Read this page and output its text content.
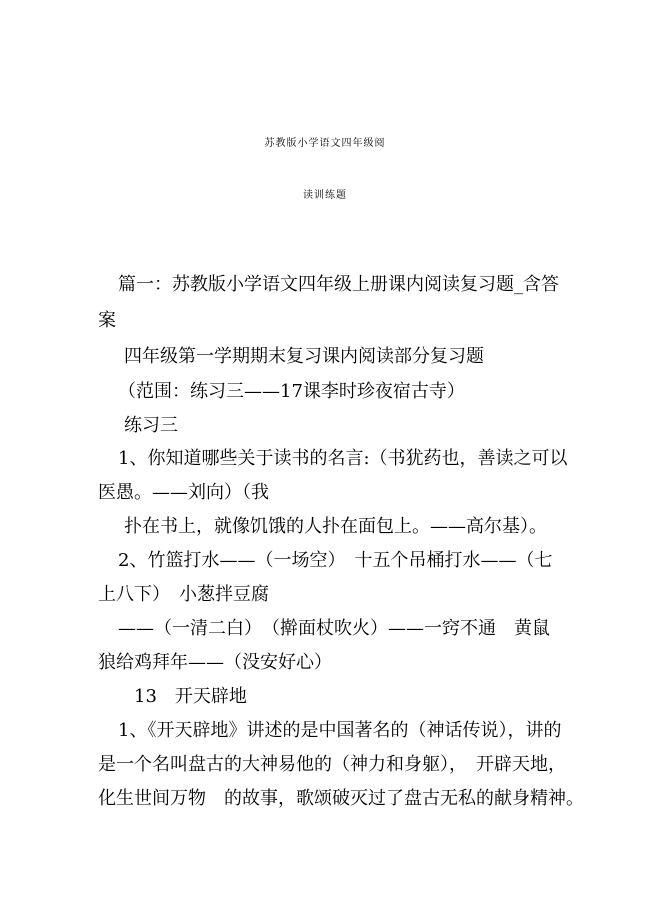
苏教版小学语文四年级阅
读训练题
篇一：苏教版小学语文四年级上册课内阅读复习题_含答
案
四年级第一学期期末复习课内阅读部分复习题
（范围：练习三——17课李时珍夜宿古寺）
练习三
1、你知道哪些关于读书的名言:（书犹药也，善读之可以
医愚。——刘向）（我
扑在书上，就像饥饿的人扑在面包上。——高尔基）。
2、竹篮打水——（一场空）　十五个吊桶打水——（七
上八下）　小葱拌豆腐
——（一清二白）　（擀面杖吹火）——一窍不通　黄鼠
狼给鸡拜年——（没安好心）
13　开天辟地
1、《开天辟地》讲述的是中国著名的（神话传说），讲的
是一个名叫盘古的大神易他的（神力和身躯），　开辟天地，
化生世间万物　的故事，歌颂破灭过了盘古无私的献身精神。
